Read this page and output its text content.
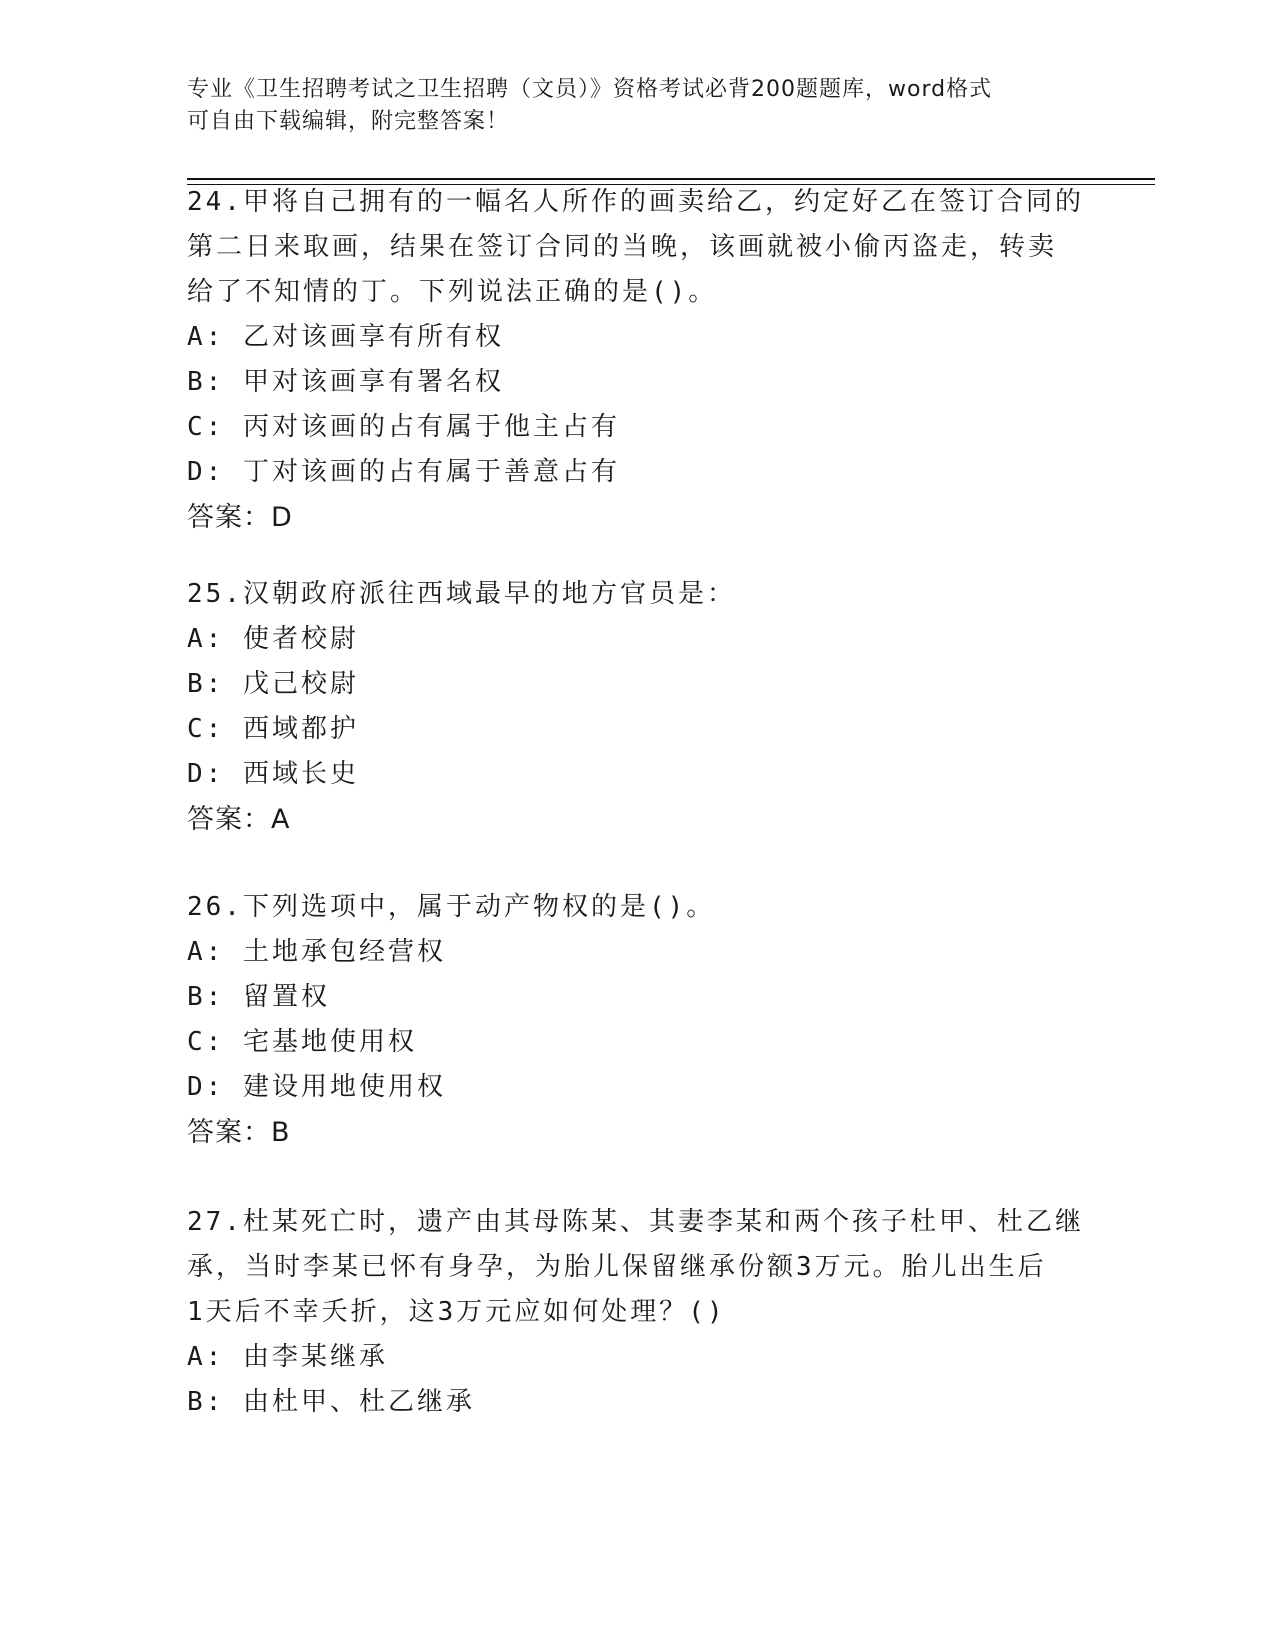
专业《卫生招聘考试之卫生招聘（文员）》资格考试必背200题题库，word格式
可自由下载编辑，附完整答案！

24.甲将自己拥有的一幅名人所作的画卖给乙，约定好乙在签订合同的

第二日来取画，结果在签订合同的当晚，该画就被小偷丙盗走，转卖

给了不知情的丁。下列说法正确的是()。

A: 乙对该画享有所有权

B: 甲对该画享有署名权

C: 丙对该画的占有属于他主占有

D: 丁对该画的占有属于善意占有

答案：D

25.汉朝政府派往西域最早的地方官员是：

A: 使者校尉

B: 戊己校尉

C: 西域都护

D: 西域长史

答案：A

26.下列选项中，属于动产物权的是()。

A: 土地承包经营权

B: 留置权

C: 宅基地使用权

D: 建设用地使用权

答案：B

27.杜某死亡时，遗产由其母陈某、其妻李某和两个孩子杜甲、杜乙继

承，当时李某已怀有身孕，为胎儿保留继承份额3万元。胎儿出生后

1天后不幸夭折，这3万元应如何处理？()

A: 由李某继承

B: 由杜甲、杜乙继承
